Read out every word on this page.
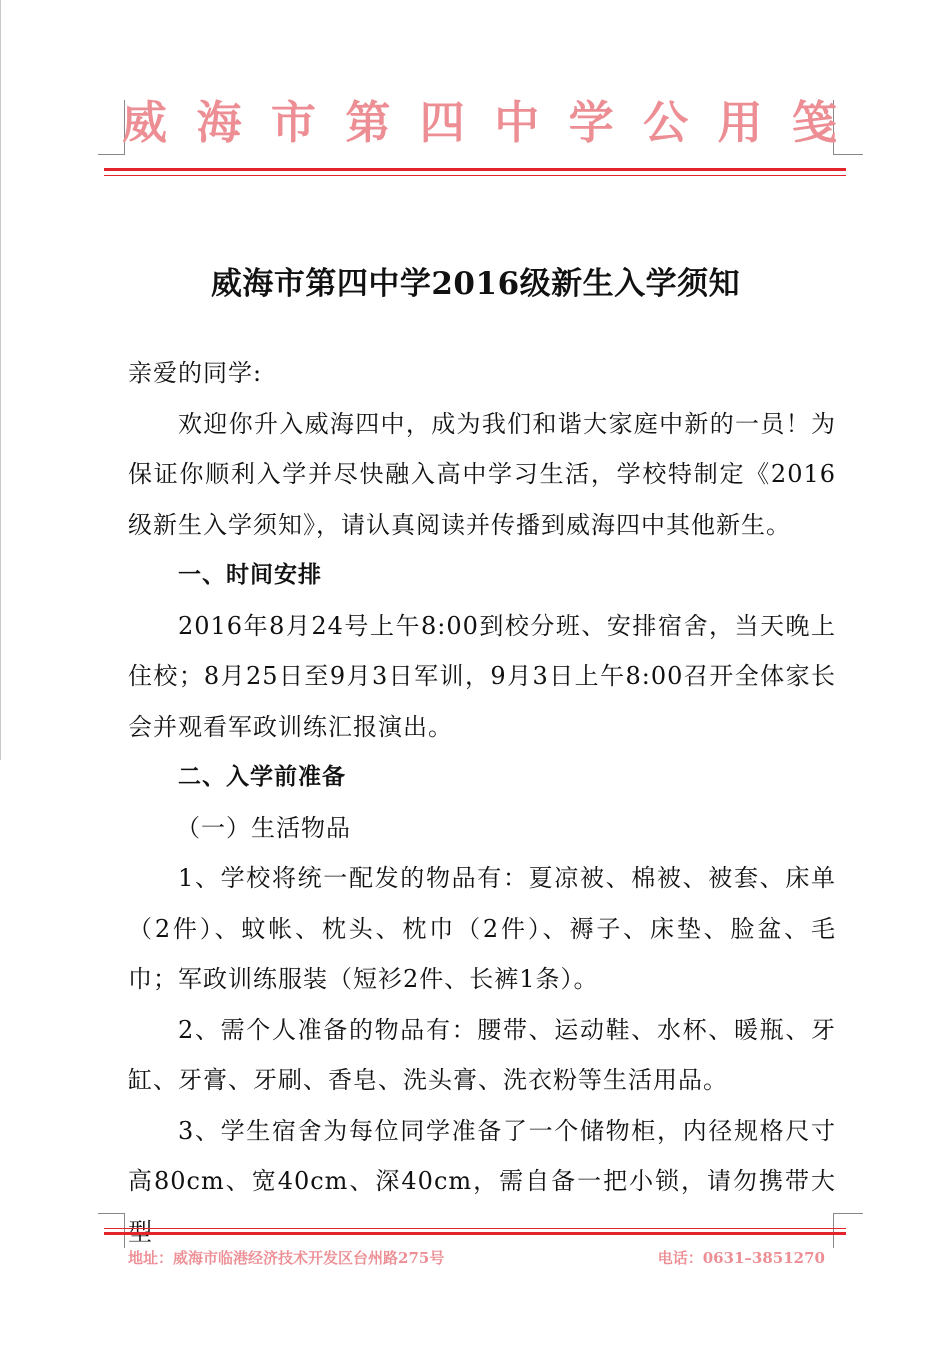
威 海 市 第 四 中 学 公 用 笺
威海市第四中学2016级新生入学须知

亲爱的同学:

欢迎你升入威海四中，成为我们和谐大家庭中新的一员！为保证你顺利入学并尽快融入高中学习生活，学校特制定《2016级新生入学须知》，请认真阅读并传播到威海四中其他新生。

一、时间安排

2016年8月24号上午8:00到校分班、安排宿舍，当天晚上住校；8月25日至9月3日军训，9月3日上午8:00召开全体家长会并观看军政训练汇报演出。

二、入学前准备

（一）生活物品

1、学校将统一配发的物品有：夏凉被、棉被、被套、床单（2件）、蚊帐、枕头、枕巾（2件）、褥子、床垫、脸盆、毛巾；军政训练服装（短衫2件、长裤1条）。

2、需个人准备的物品有：腰带、运动鞋、水杯、暖瓶、牙缸、牙膏、牙刷、香皂、洗头膏、洗衣粉等生活用品。

3、学生宿舍为每位同学准备了一个储物柜，内径规格尺寸高80cm、宽40cm、深40cm，需自备一把小锁，请勿携带大

地址：威海市临港经济技术开发区台州路275号	电话：0631–3851270
